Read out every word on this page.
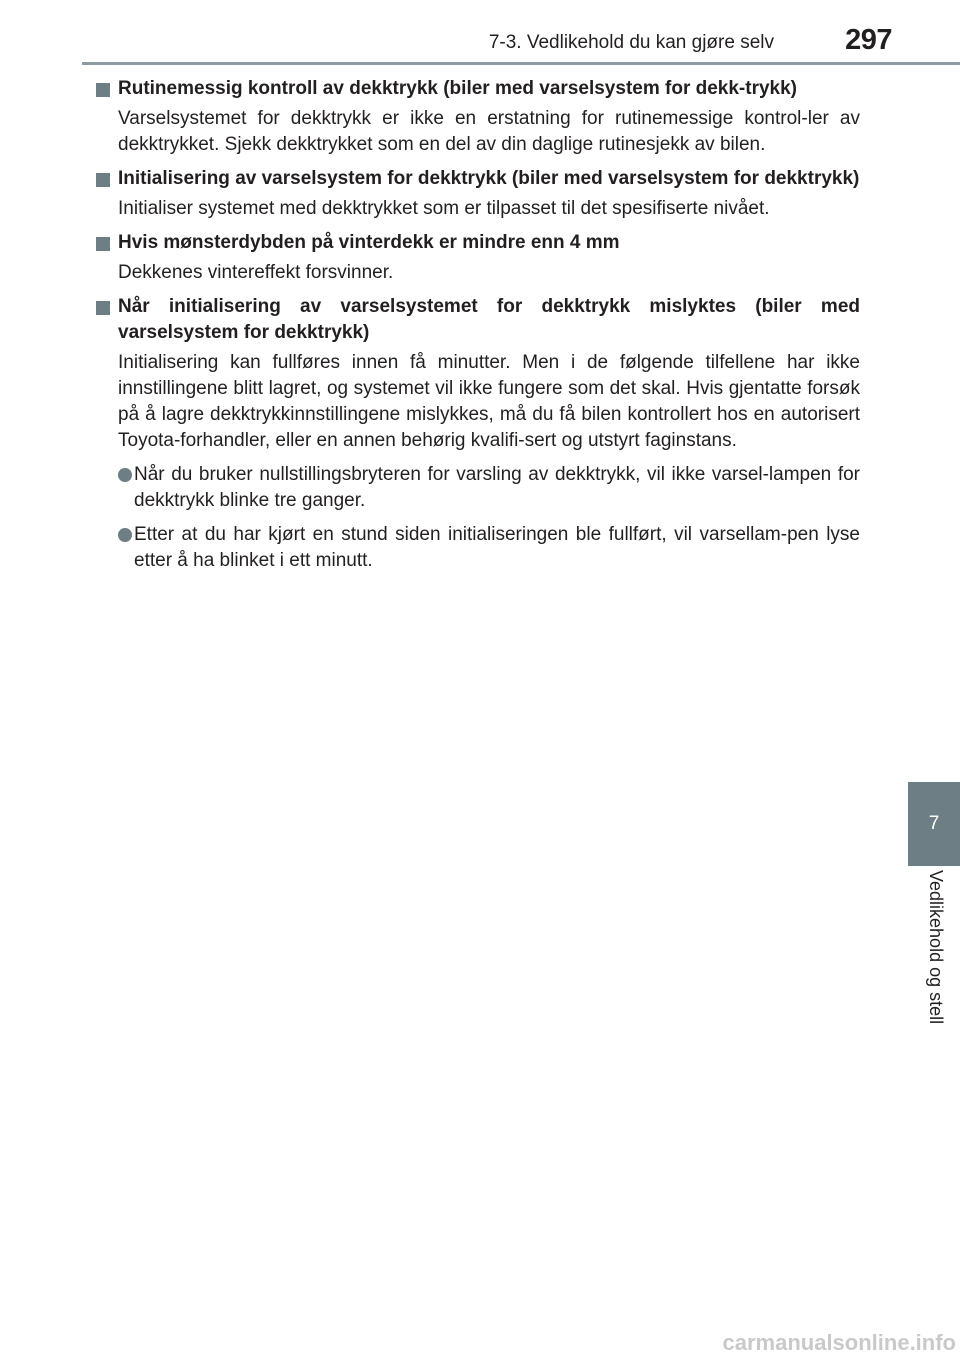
7-3. Vedlikehold du kan gjøre selv 297
7
Vedlikehold og stell
Rutinemessig kontroll av dekktrykk (biler med varselsystem for dekk-trykk)

Varselsystemet for dekktrykk er ikke en erstatning for rutinemessige kontrol-ler av dekktrykket. Sjekk dekktrykket som en del av din daglige rutinesjekk av bilen.

Initialisering av varselsystem for dekktrykk (biler med varselsystem for dekktrykk)

Initialiser systemet med dekktrykket som er tilpasset til det spesifiserte nivået.

Hvis mønsterdybden på vinterdekk er mindre enn 4 mm

Dekkenes vintereffekt forsvinner.

Når initialisering av varselsystemet for dekktrykk mislyktes (biler med varselsystem for dekktrykk)

Initialisering kan fullføres innen få minutter. Men i de følgende tilfellene har ikke innstillingene blitt lagret, og systemet vil ikke fungere som det skal. Hvis gjentatte forsøk på å lagre dekktrykkinnstillingene mislykkes, må du få bilen kontrollert hos en autorisert Toyota-forhandler, eller en annen behørig kvalifi-sert og utstyrt faginstans.

Når du bruker nullstillingsbryteren for varsling av dekktrykk, vil ikke varsel-lampen for dekktrykk blinke tre ganger.
Etter at du har kjørt en stund siden initialiseringen ble fullført, vil varsellam-pen lyse etter å ha blinket i ett minutt.
carmanualsonline.info
